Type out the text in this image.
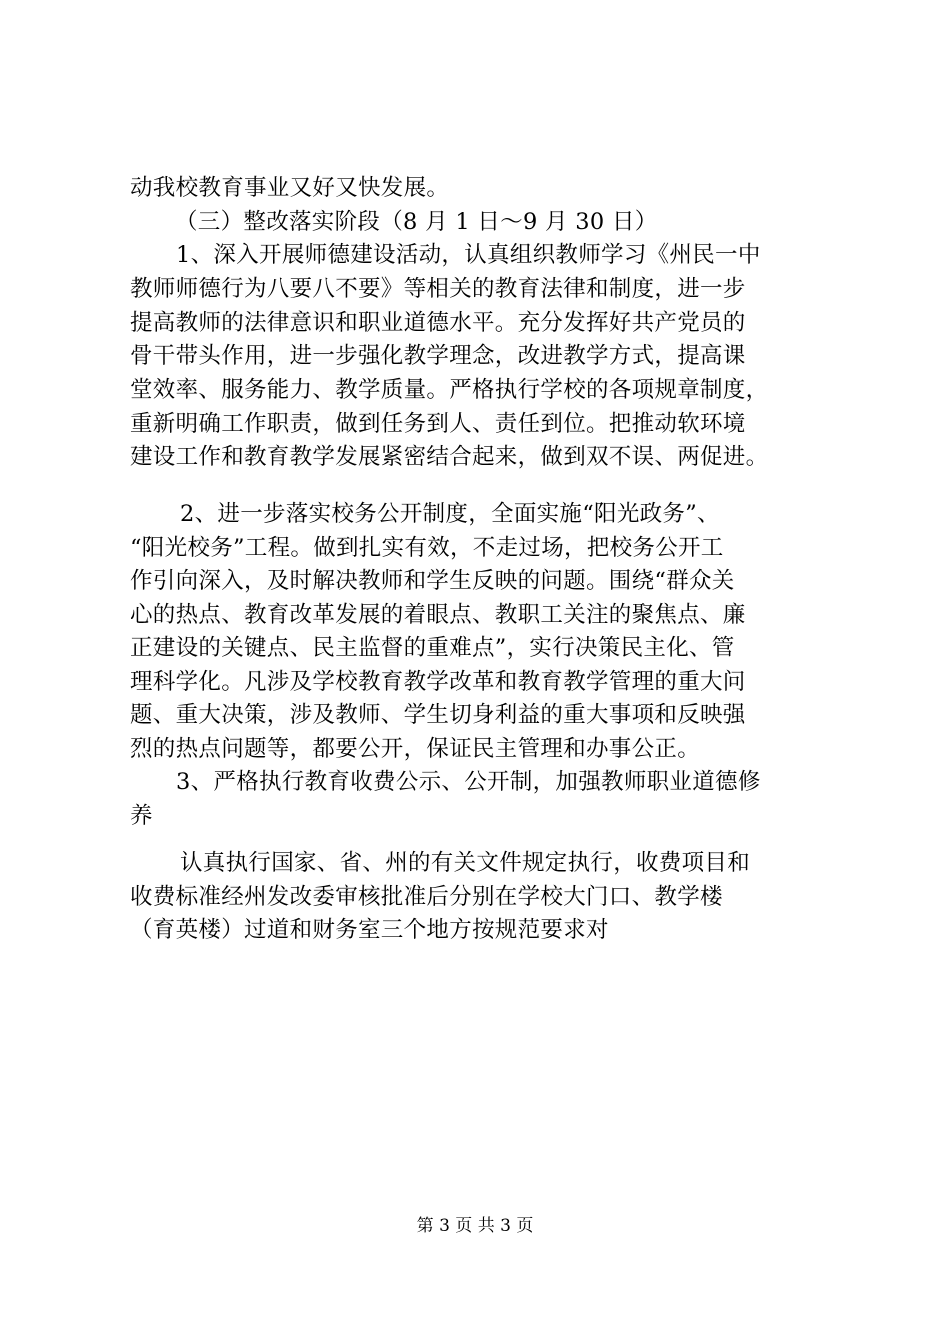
动我校教育事业又好又快发展。
（三）整改落实阶段（8 月 1 日～9 月 30 日）
1、深入开展师德建设活动，认真组织教师学习《州民一中
教师师德行为八要八不要》等相关的教育法律和制度，进一步
提高教师的法律意识和职业道德水平。充分发挥好共产党员的
骨干带头作用，进一步强化教学理念，改进教学方式，提高课
堂效率、服务能力、教学质量。严格执行学校的各项规章制度，
重新明确工作职责，做到任务到人、责任到位。把推动软环境
建设工作和教育教学发展紧密结合起来，做到双不误、两促进。
2、进一步落实校务公开制度，全面实施“阳光政务”、
“阳光校务”工程。做到扎实有效，不走过场，把校务公开工
作引向深入，及时解决教师和学生反映的问题。围绕“群众关
心的热点、教育改革发展的着眼点、教职工关注的聚焦点、廉
正建设的关键点、民主监督的重难点”，实行决策民主化、管
理科学化。凡涉及学校教育教学改革和教育教学管理的重大问
题、重大决策，涉及教师、学生切身利益的重大事项和反映强
烈的热点问题等，都要公开，保证民主管理和办事公正。
3、严格执行教育收费公示、公开制，加强教师职业道德修
养
认真执行国家、省、州的有关文件规定执行，收费项目和
收费标准经州发改委审核批准后分别在学校大门口、教学楼
（育英楼）过道和财务室三个地方按规范要求对
第 3 页 共 3 页
